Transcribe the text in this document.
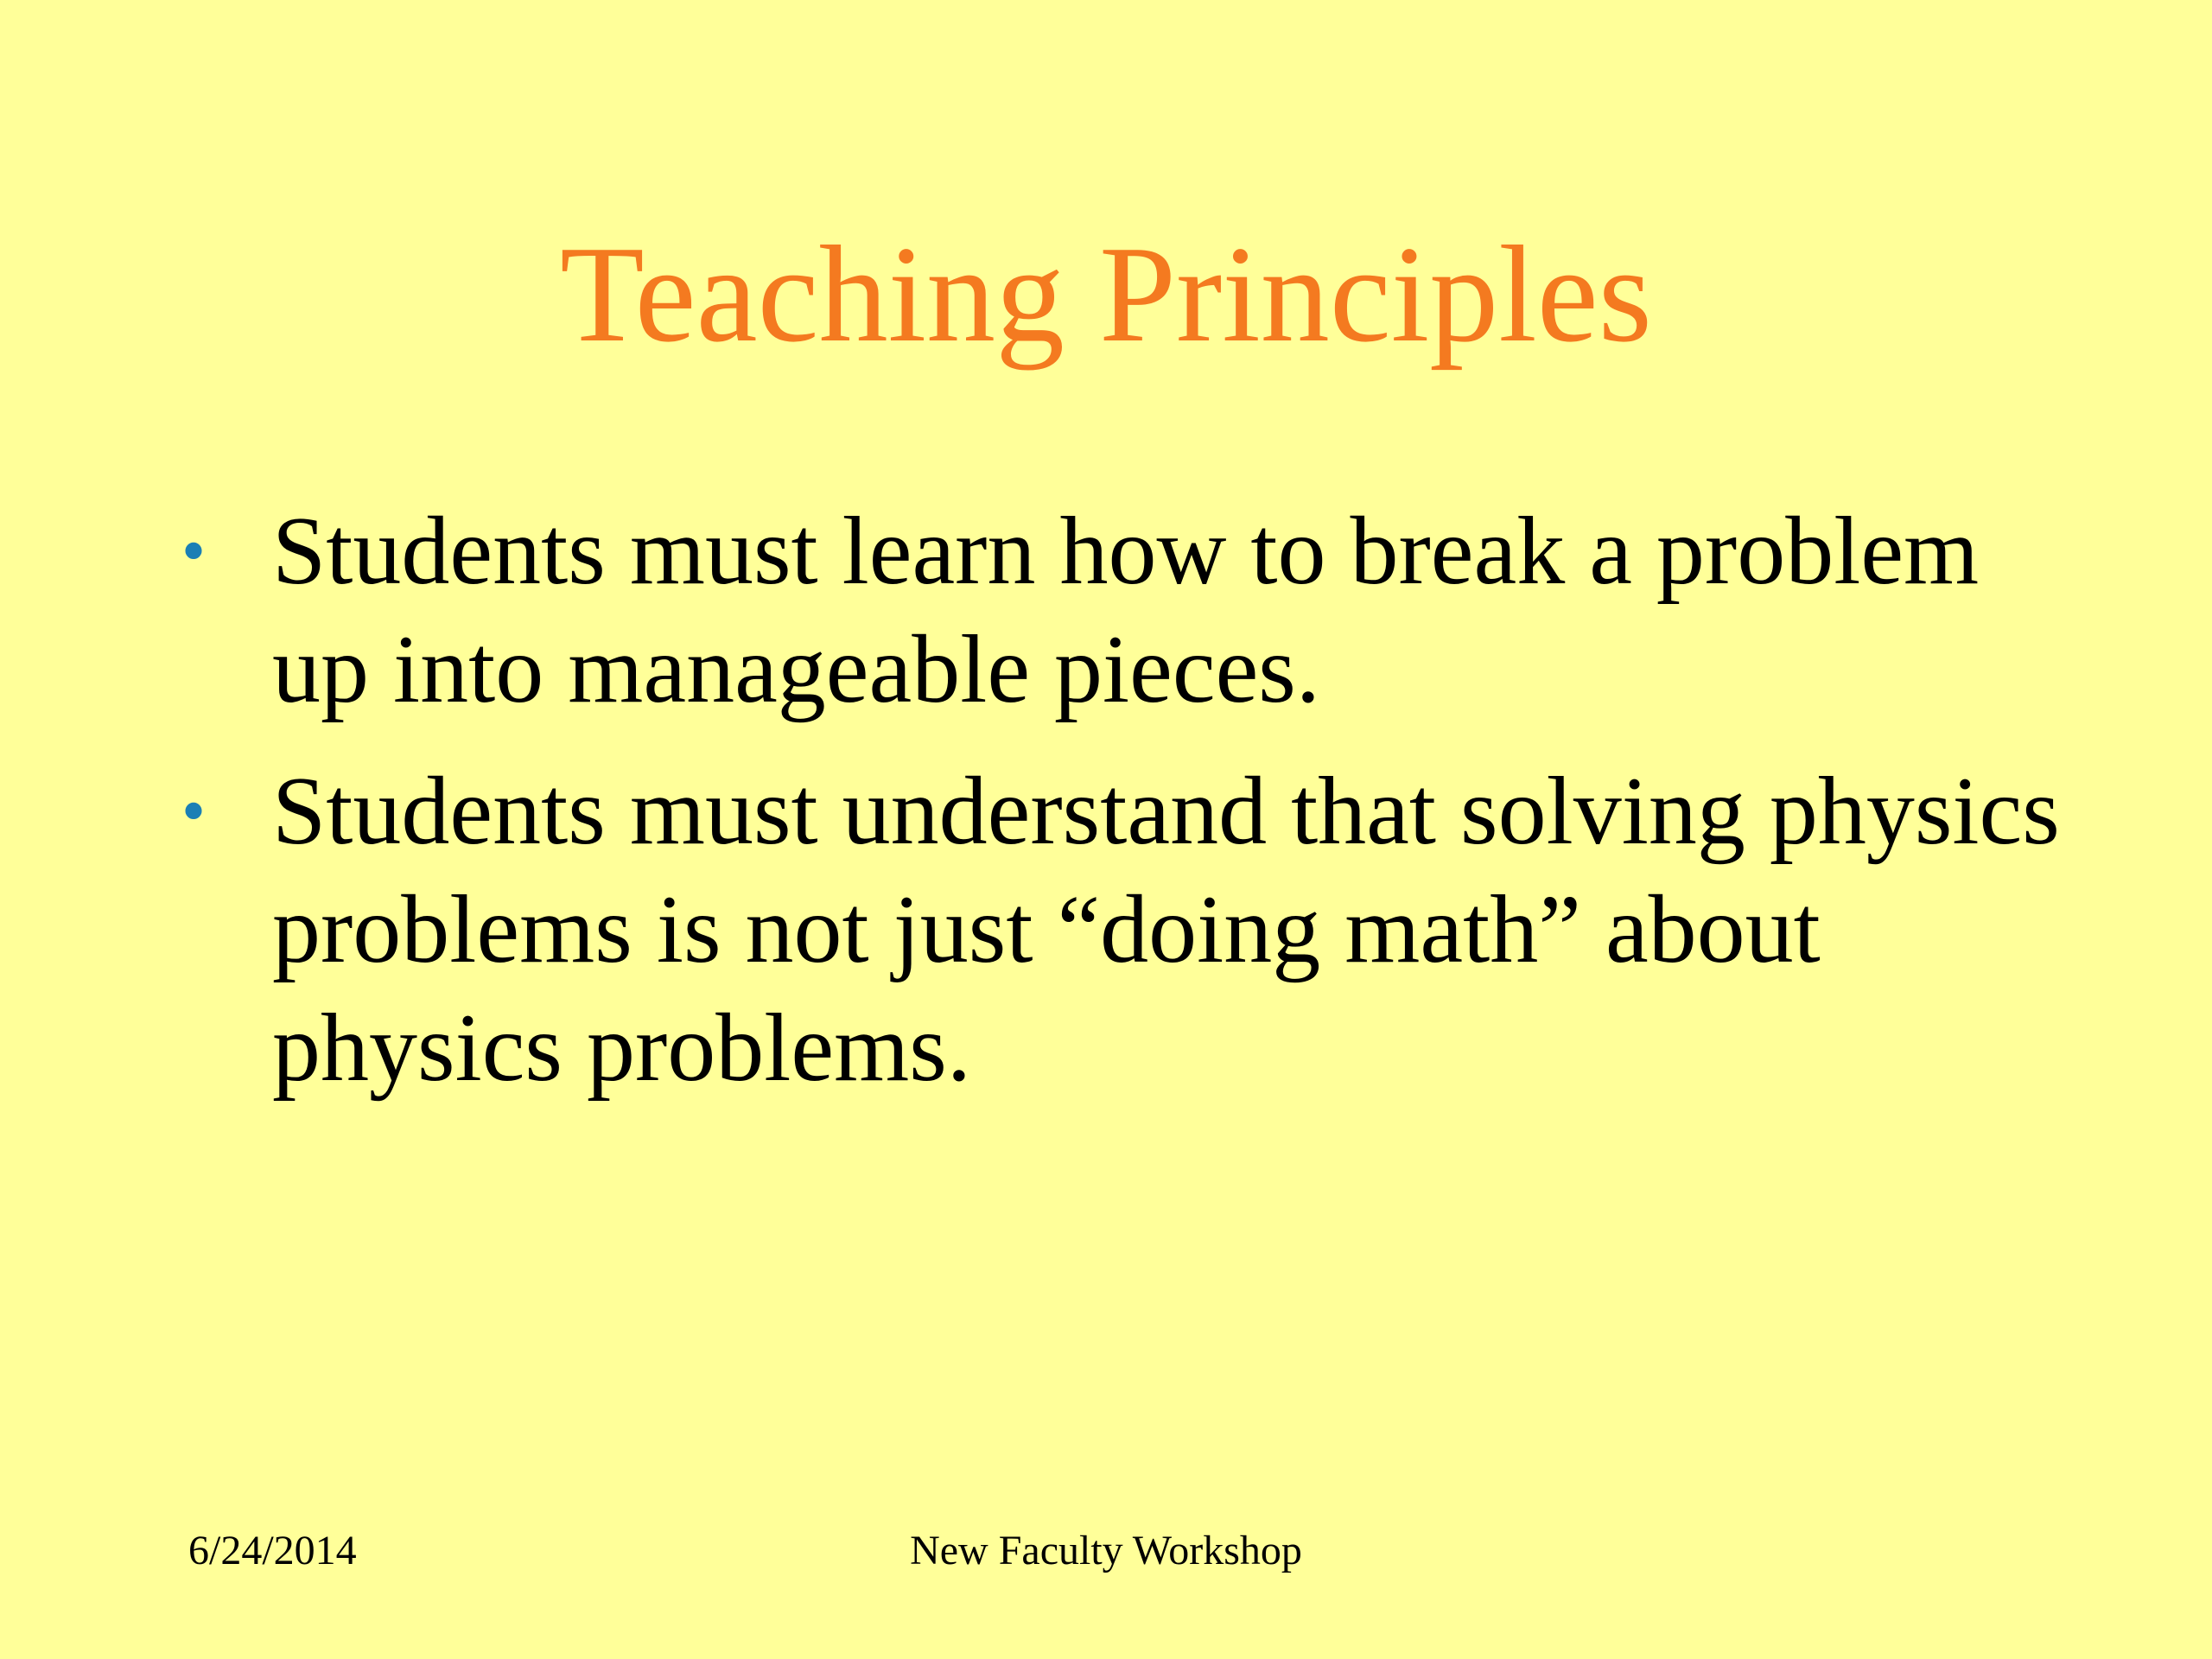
Teaching Principles
• Students must learn how to break a problem up into manageable pieces.
• Students must understand that solving physics problems is not just “doing math” about physics problems.
6/24/2014	New Faculty Workshop
